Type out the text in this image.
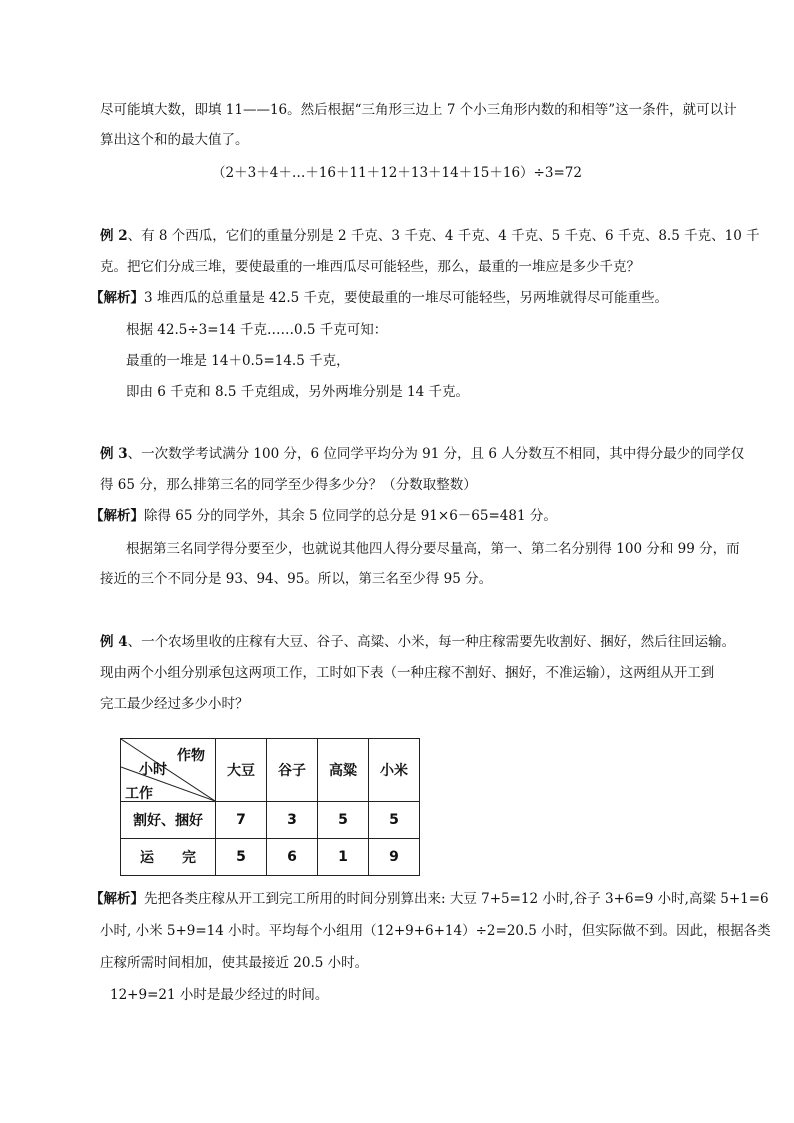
尽可能填大数，即填 11——16。然后根据“三角形三边上 7 个小三角形内数的和相等”这一条件，就可以计
算出这个和的最大值了。
（2＋3＋4＋…＋16＋11＋12＋13＋14＋15＋16）÷3=72
例 2、有 8 个西瓜，它们的重量分别是 2 千克、3 千克、4 千克、4 千克、5 千克、6 千克、8.5 千克、10 千
克。把它们分成三堆，要使最重的一堆西瓜尽可能轻些，那么，最重的一堆应是多少千克？
【解析】3 堆西瓜的总重量是 42.5 千克，要使最重的一堆尽可能轻些，另两堆就得尽可能重些。
根据 42.5÷3=14 千克……0.5 千克可知：
最重的一堆是 14＋0.5=14.5 千克，
即由 6 千克和 8.5 千克组成，另外两堆分别是 14 千克。
例 3、一次数学考试满分 100 分，6 位同学平均分为 91 分，且 6 人分数互不相同，其中得分最少的同学仅
得 65 分，那么排第三名的同学至少得多少分？（分数取整数）
【解析】除得 65 分的同学外，其余 5 位同学的总分是 91×6－65=481 分。
根据第三名同学得分要至少，也就说其他四人得分要尽量高，第一、第二名分别得 100 分和 99 分，而
接近的三个不同分是 93、94、95。所以，第三名至少得 95 分。
例 4、一个农场里收的庄稼有大豆、谷子、高粱、小米，每一种庄稼需要先收割好、捆好，然后往回运输。
现由两个小组分别承包这两项工作，工时如下表（一种庄稼不割好、捆好，不准运输），这两组从开工到
完工最少经过多少小时？
作物
小时
工作	大豆	谷子	高粱	小米
割好、捆好	7	3	5	5
运　　完	5	6	1	9
【解析】先把各类庄稼从开工到完工所用的时间分别算出来: 大豆 7+5=12 小时,谷子 3+6=9 小时,高粱 5+1=6
小时, 小米 5+9=14 小时。平均每个小组用（12+9+6+14）÷2=20.5 小时，但实际做不到。因此，根据各类
庄稼所需时间相加，使其最接近 20.5 小时。
12+9=21 小时是最少经过的时间。
